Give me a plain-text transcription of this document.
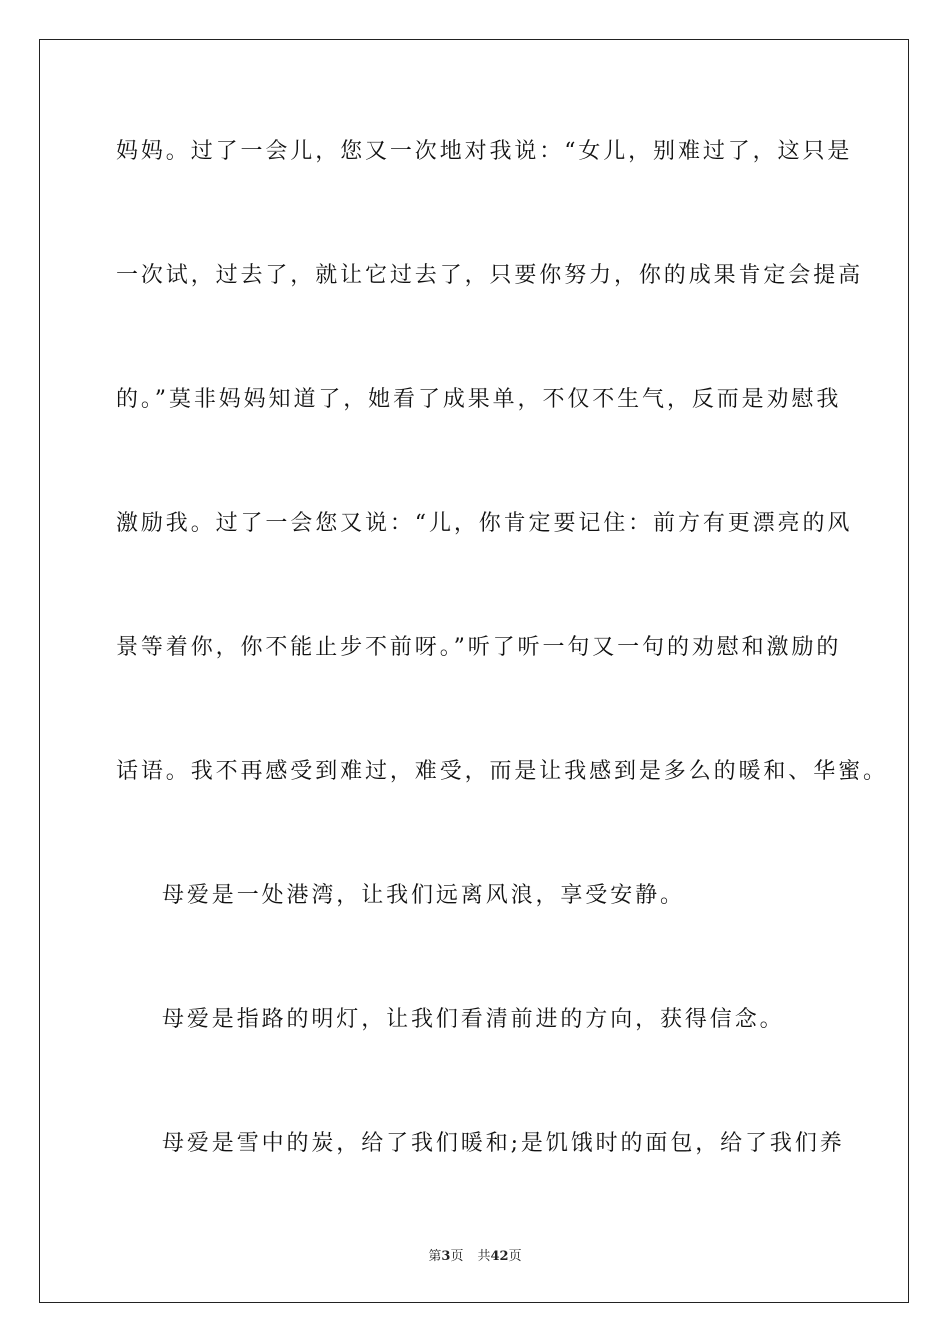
妈妈。过了一会儿，您又一次地对我说：“女儿，别难过了，这只是
一次试，过去了，就让它过去了，只要你努力，你的成果肯定会提高
的。”莫非妈妈知道了，她看了成果单，不仅不生气，反而是劝慰我
激励我。过了一会您又说：“儿，你肯定要记住：前方有更漂亮的风
景等着你，你不能止步不前呀。”听了听一句又一句的劝慰和激励的
话语。我不再感受到难过，难受，而是让我感到是多么的暖和、华蜜。
母爱是一处港湾，让我们远离风浪，享受安静。
母爱是指路的明灯，让我们看清前进的方向，获得信念。
母爱是雪中的炭，给了我们暖和;是饥饿时的面包，给了我们养
第3页 共42页
